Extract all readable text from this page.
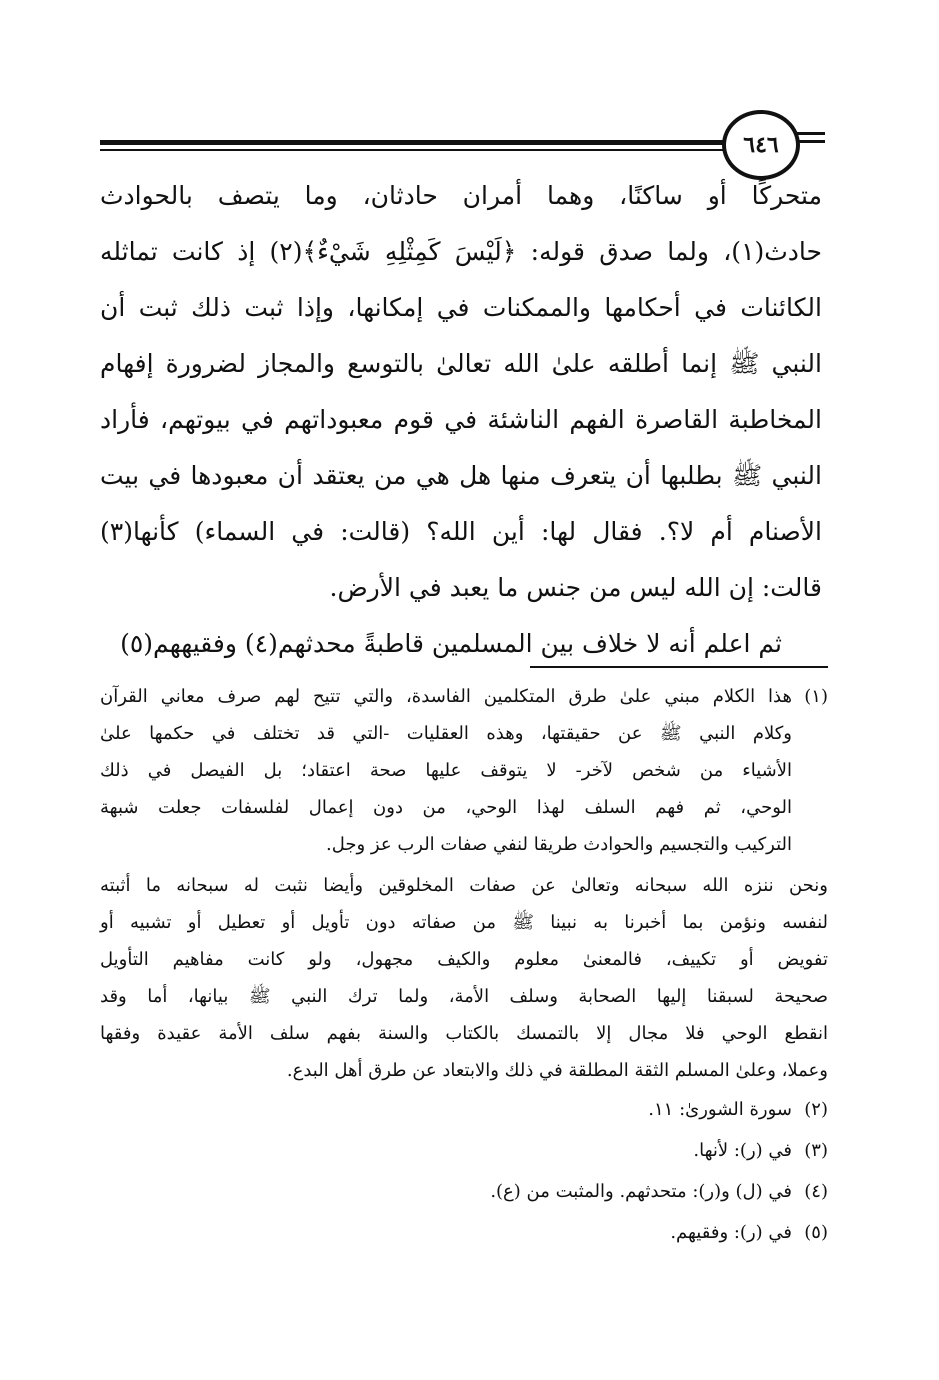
٦٤٦
متحركًا أو ساكنًا، وهما أمران حادثان، وما يتصف بالحوادث
حادث(١)، ولما صدق قوله: ﴿لَيْسَ كَمِثْلِهِ شَيْءٌ﴾(٢) إذ كانت تماثله
الكائنات في أحكامها والممكنات في إمكانها، وإذا ثبت ذلك ثبت أن
النبي ﷺ إنما أطلقه علىٰ الله تعالىٰ بالتوسع والمجاز لضرورة إفهام
المخاطبة القاصرة الفهم الناشئة في قوم معبوداتهم في بيوتهم، فأراد
النبي ﷺ بطلبها أن يتعرف منها هل هي من يعتقد أن معبودها في بيت
الأصنام أم لا؟. فقال لها: أين الله؟ (قالت: في السماء) كأنها(٣)
قالت: إن الله ليس من جنس ما يعبد في الأرض.
ثم اعلم أنه لا خلاف بين المسلمين قاطبةً محدثهم(٤) وفقيههم(٥)
(١)
هذا الكلام مبني علىٰ طرق المتكلمين الفاسدة، والتي تتيح لهم صرف معاني القرآن
وكلام النبي ﷺ عن حقيقتها، وهذه العقليات -التي قد تختلف في حكمها علىٰ
الأشياء من شخص لآخر- لا يتوقف عليها صحة اعتقاد؛ بل الفيصل في ذلك
الوحي، ثم فهم السلف لهذا الوحي، من دون إعمال لفلسفات جعلت شبهة
التركيب والتجسيم والحوادث طريقا لنفي صفات الرب عز وجل.
ونحن ننزه الله سبحانه وتعالىٰ عن صفات المخلوقين وأيضا نثبت له سبحانه ما أثبته
لنفسه ونؤمن بما أخبرنا به نبينا ﷺ من صفاته دون تأويل أو تعطيل أو تشبيه أو
تفويض أو تكييف، فالمعنىٰ معلوم والكيف مجهول، ولو كانت مفاهيم التأويل
صحيحة لسبقنا إليها الصحابة وسلف الأمة، ولما ترك النبي ﷺ بيانها، أما وقد
انقطع الوحي فلا مجال إلا بالتمسك بالكتاب والسنة بفهم سلف الأمة عقيدة وفقها
وعملا، وعلىٰ المسلم الثقة المطلقة في ذلك والابتعاد عن طرق أهل البدع.
(٢)
سورة الشورىٰ: ١١.
(٣)
في (ر): لأنها.
(٤)
في (ل) و(ر): متحدثهم. والمثبت من (ع).
(٥)
في (ر): وفقيهم.
